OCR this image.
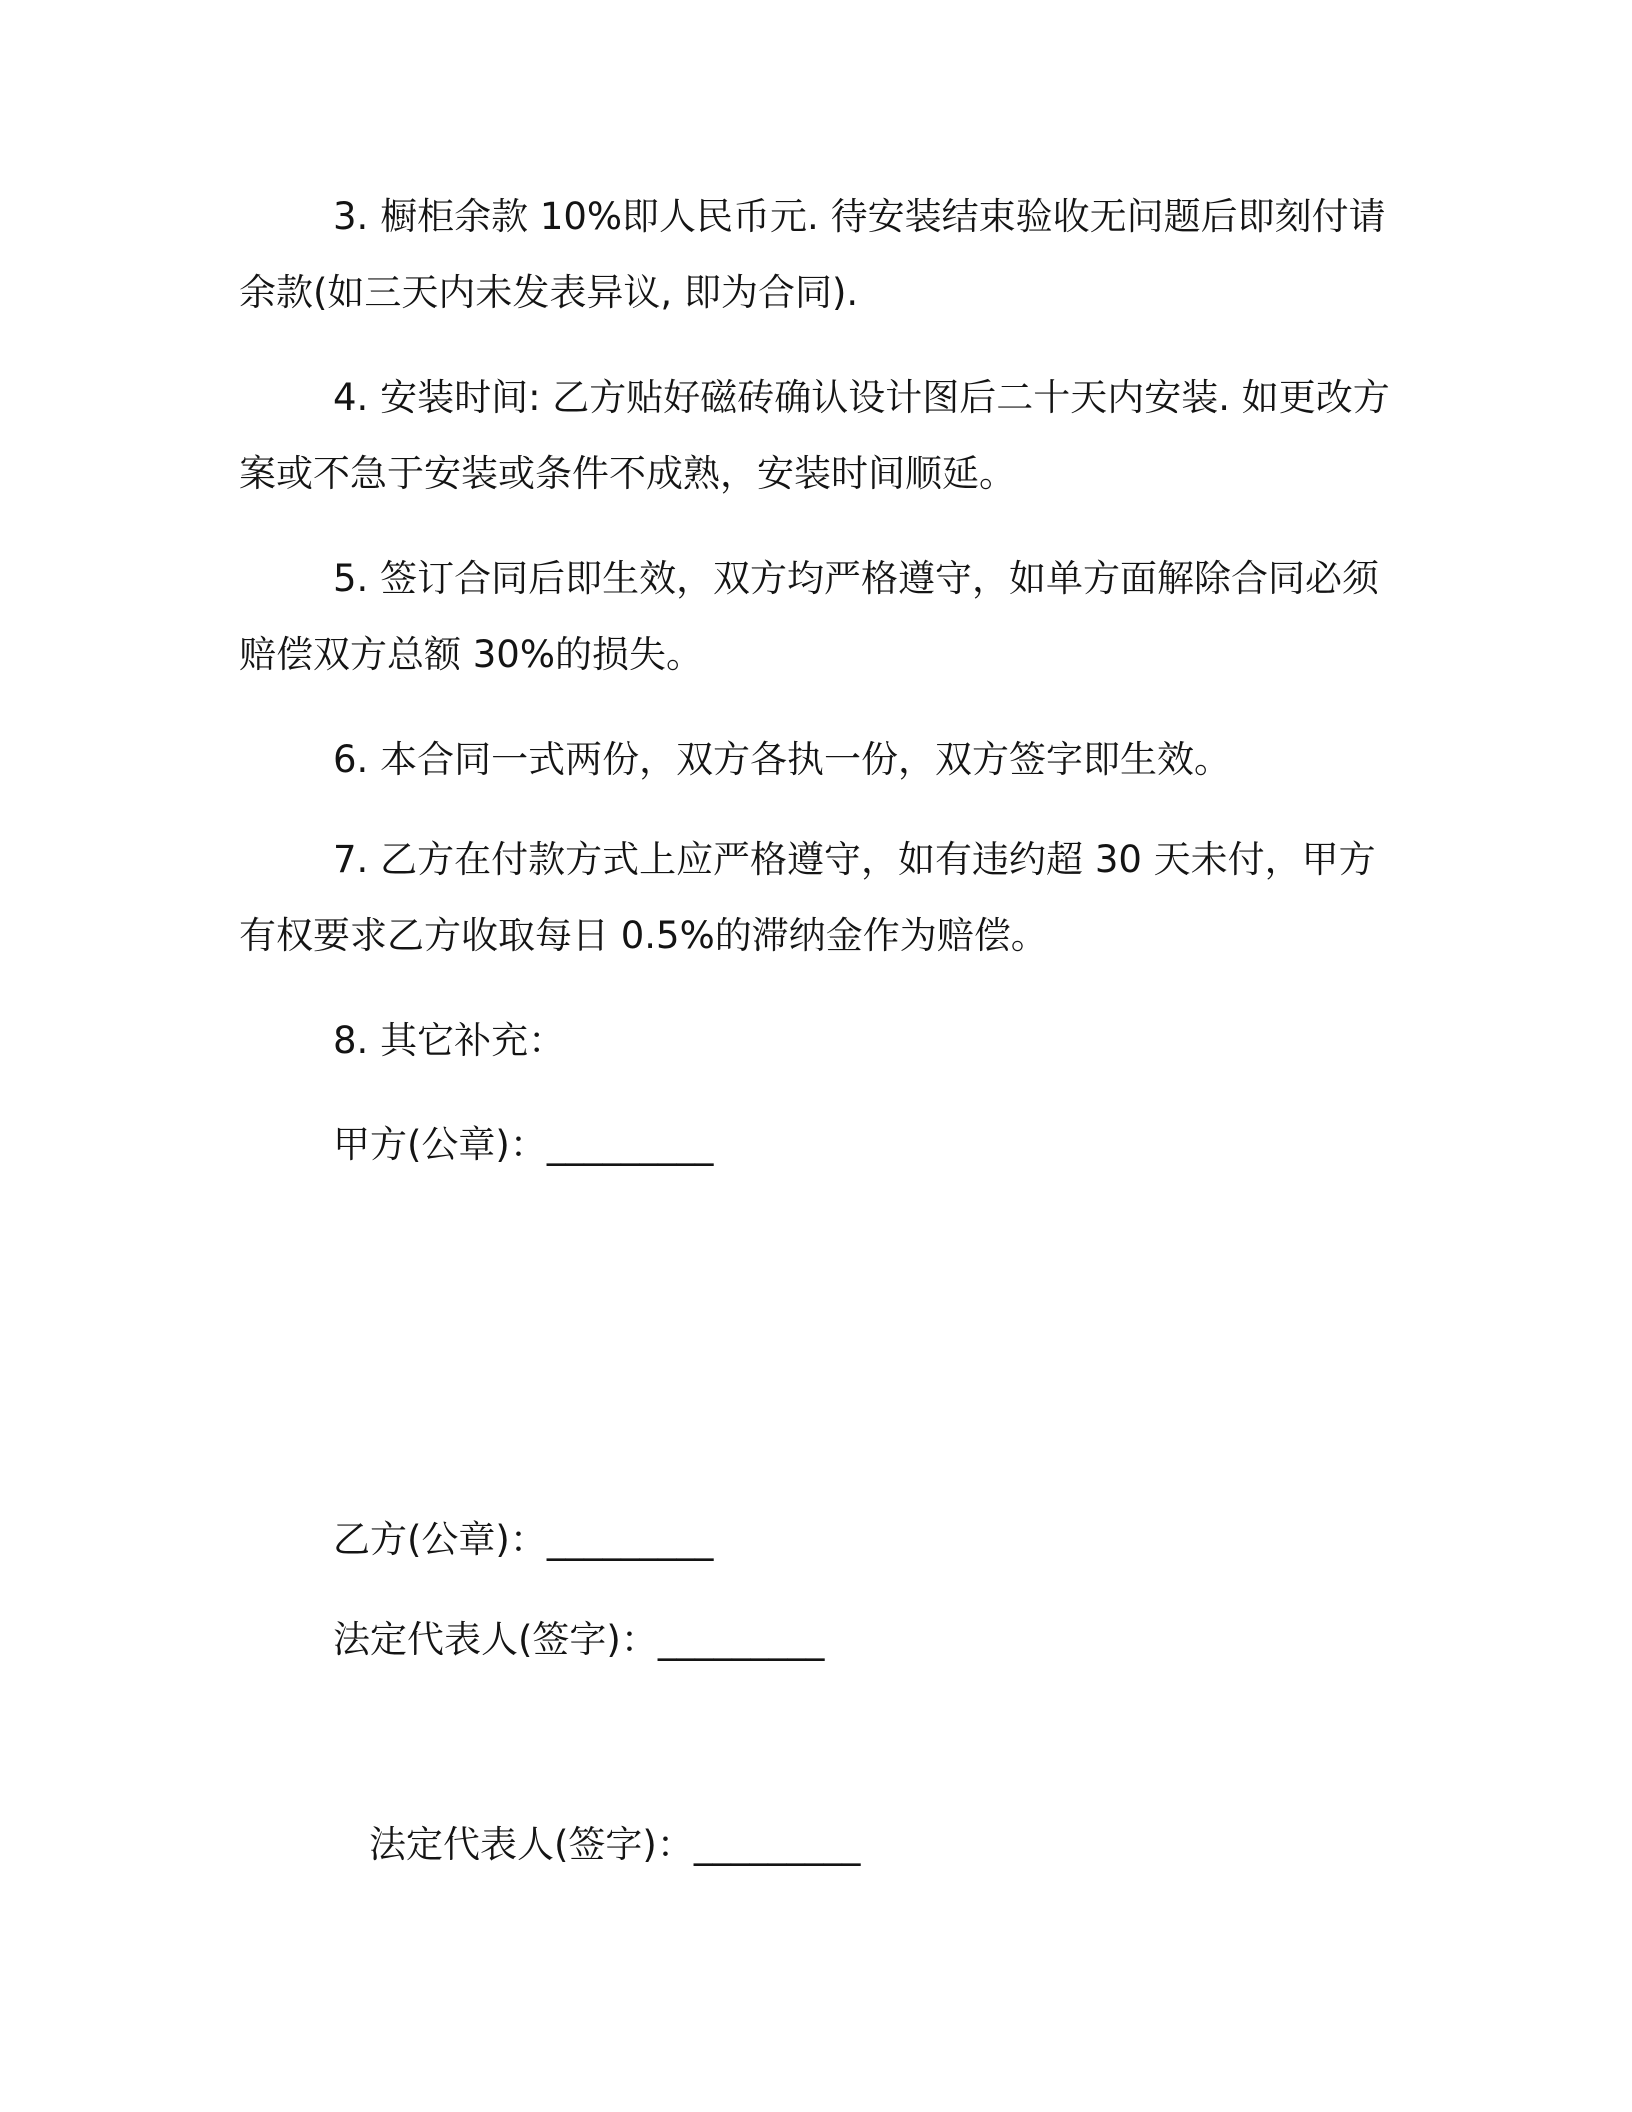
3. 橱柜余款 10%即人民币元. 待安装结束验收无问题后即刻付请
余款(如三天内未发表异议, 即为合同).
4. 安装时间: 乙方贴好磁砖确认设计图后二十天内安装. 如更改方
案或不急于安装或条件不成熟，安装时间顺延。
5. 签订合同后即生效，双方均严格遵守，如单方面解除合同必须
赔偿双方总额 30%的损失。
6. 本合同一式两份，双方各执一份，双方签字即生效。
7. 乙方在付款方式上应严格遵守，如有违约超 30 天未付，甲方
有权要求乙方收取每日 0.5%的滞纳金作为赔偿。
8. 其它补充：
甲方(公章)：_________
乙方(公章)：_________
法定代表人(签字)：_________
法定代表人(签字)：_________
